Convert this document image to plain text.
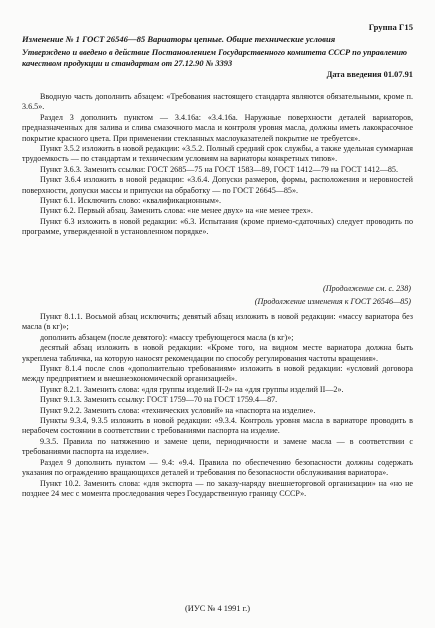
Группа Г15
Изменение № 1 ГОСТ 26546—85 Вариаторы цепные. Общие технические условия
Утверждено и введено в действие Постановлением Государственного комитета СССР по управлению качеством продукции и стандартам от 27.12.90 № 3393
Дата введения 01.07.91

Вводную часть дополнить абзацем: «Требования настоящего стандарта являются обязательными, кроме п. 3.6.5».

Раздел 3 дополнить пунктом — 3.4.16а: «3.4.16а. Наружные поверхности деталей вариаторов, предназначенных для залива и слива смазочного масла и контроля уровня масла, должны иметь лакокрасочное покрытие красного цвета. При применении стекланных маслоуказателей покрытие не требуется».

Пункт 3.5.2 изложить в новой редакции: «3.5.2. Полный средний срок службы, а также удельная суммарная трудоемкость — по стандартам и техническим условиям на вариаторы конкретных типов».

Пункт 3.6.3. Заменить ссылки: ГОСТ 2685—75 на ГОСТ 1583—89, ГОСТ 1412—79 на ГОСТ 1412—85.

Пункт 3.6.4 изложить в новой редакции: «3.6.4. Допуски размеров, формы, расположения и неровностей поверхности, допуски массы и припуски на обработку — по ГОСТ 26645—85».

Пункт 6.1. Исключить слово: «квалификационным».

Пункт 6.2. Первый абзац. Заменить слова: «не менее двух» на «не менее трех».

Пункт 6.3 изложить в новой редакции: «6.3. Испытания (кроме приемо-сдаточных) следует проводить по программе, утвержденной в установленном порядке».

(Продолжение см. с. 238)
(Продолжение изменения к ГОСТ 26546—85)

Пункт 8.1.1. Восьмой абзац исключить; девятый абзац изложить в новой редакции: «массу вариатора без масла (в кг)»;

дополнить абзацем (после девятого): «массу требующегося масла (в кг)»;

десятый абзац изложить в новой редакции: «Кроме того, на видном месте вариатора должна быть укреплена табличка, на которую наносят рекомендации по способу регулирования частоты вращения».

Пункт 8.1.4 после слов «дополнительно требованиям» изложить в новой редакции: «условий договора между предприятием и внешнеэкономической организацией».

Пункт 8.2.1. Заменить слова: «для группы изделий II-2» на «для группы изделий II—2».

Пункт 9.1.3. Заменить ссылку: ГОСТ 1759—70 на ГОСТ 1759.4—87.

Пункт 9.2.2. Заменить слова: «технических условий» на «паспорта на изделие».

Пункты 9.3.4, 9.3.5 изложить в новой редакции: «9.3.4. Контроль уровня масла в вариаторе проводить в нерабочем состоянии в соответствии с требованиями паспорта на изделие.

9.3.5. Правила по натяжению и замене цепи, периодичности и замене масла — в соответствии с требованиями паспорта на изделие».

Раздел 9 дополнить пунктом — 9.4: «9.4. Правила по обеспечению безопасности должны содержать указания по ограждению вращающихся деталей и требования по безопасности обслуживания вариатора».

Пункт 10.2. Заменить слова: «для экспорта — по заказу-наряду внешнеторговой организации» на «но не позднее 24 мес с момента проследования через Государственную границу СССР».

(ИУС № 4 1991 г.)
